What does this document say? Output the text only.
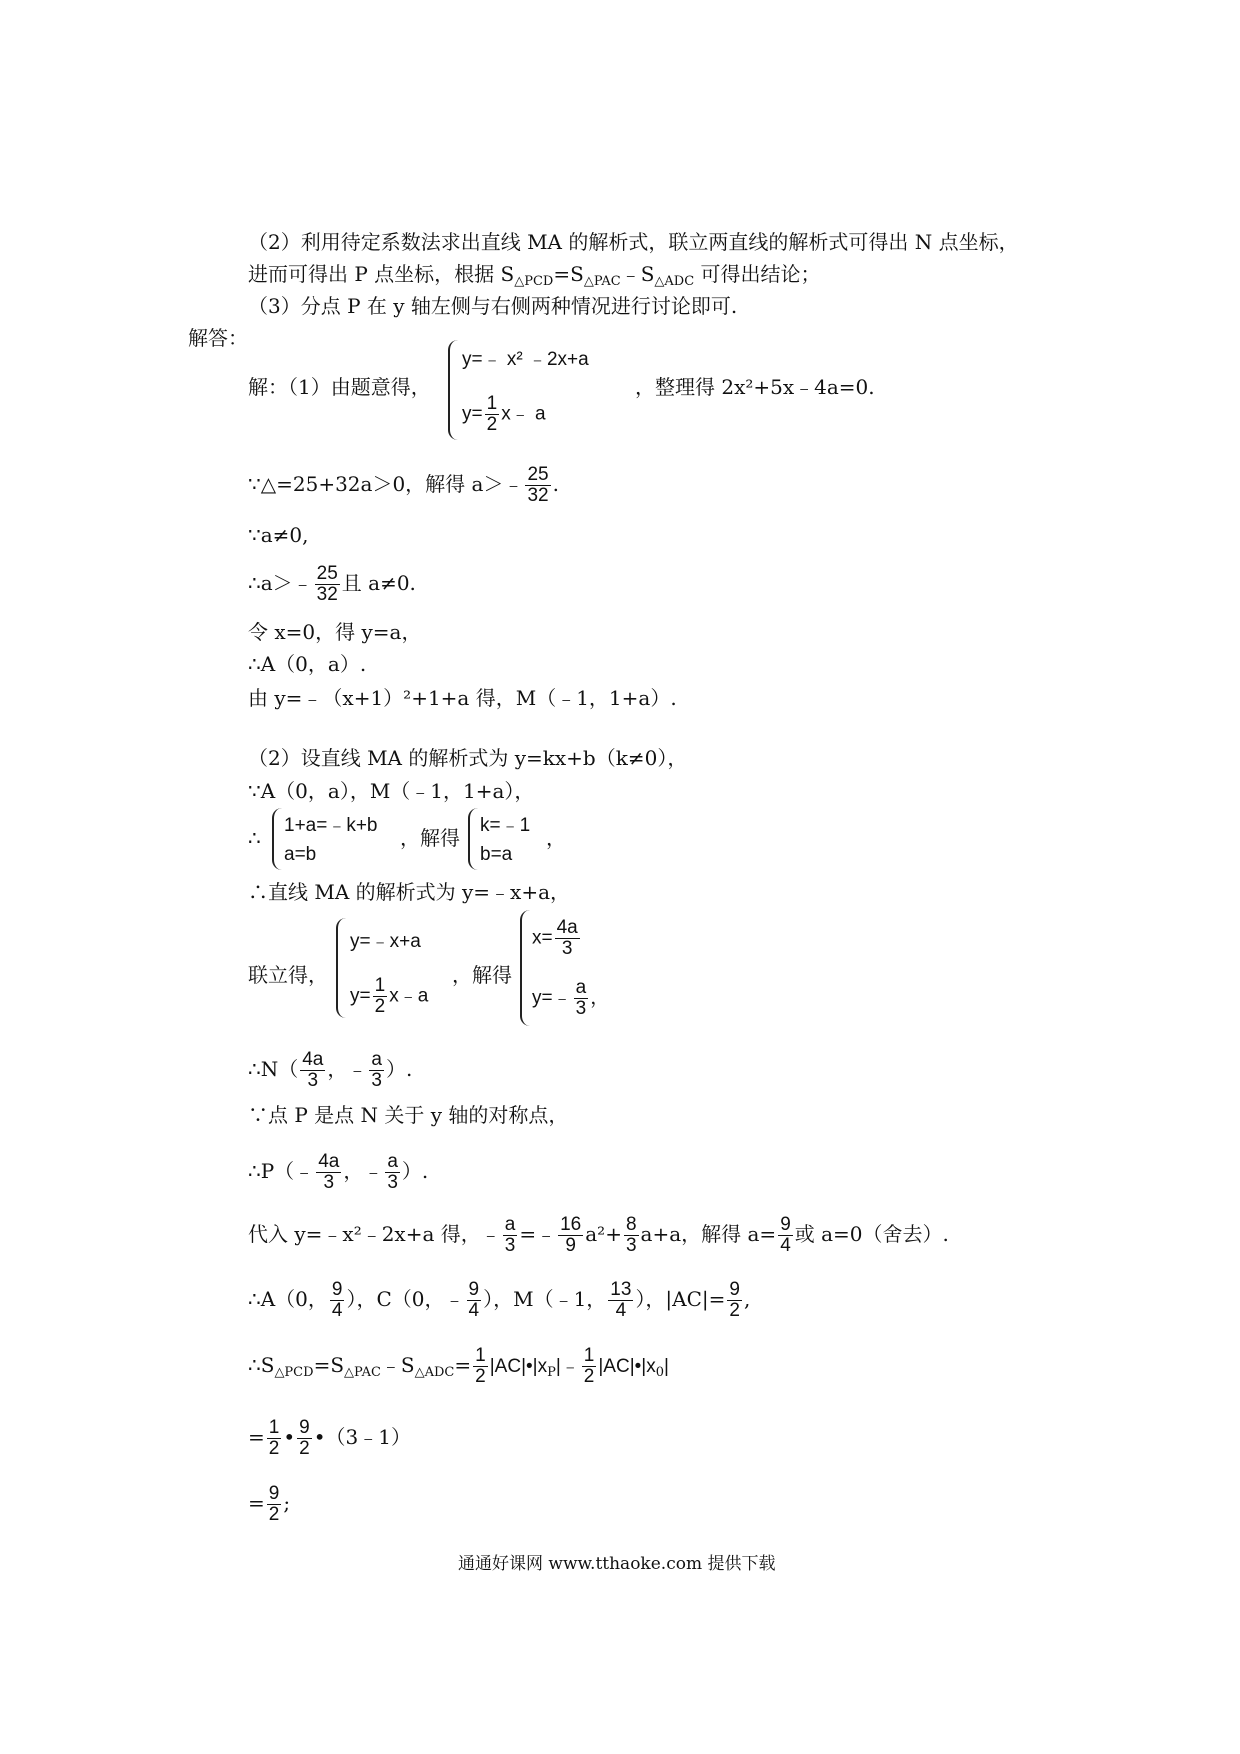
（2）利用待定系数法求出直线 MA 的解析式，联立两直线的解析式可得出 N 点坐标，
进而可得出 P 点坐标，根据 $S_{\triangle PCD}=S_{\triangle PAC}﹣S_{\triangle ADC}$ 可得出结论；
（3）分点 P 在 y 轴左侧与右侧两种情况进行讨论即可.
解答：
解：（1）由题意得，
y=﹣ x² ﹣2x+a
$y= \frac{1}{2}$ x﹣ a
，整理得 2x²+5x﹣4a=0.
∵△=25+32a＞0，解得 a＞﹣ $\frac{25}{32}$ .
∵a≠0,
∴a＞﹣ $\frac{25}{32}$ 且 a≠0.
令 x=0，得 y=a，
∴A（0，a）.
由 y=﹣（x+1）²+1+a 得，M（﹣1，1+a）.
（2）设直线 MA 的解析式为 y=kx+b（k≠0），
∵A（0，a），M（﹣1，1+a），
∴
1+a=﹣k+b
a=b
，解得
k=﹣1
b=a
，
∴直线 MA 的解析式为 y=﹣x+a，
联立得，
y=﹣x+a
$y= \frac{1}{2}$ x﹣a
，解得
$x= \frac{4a}{3}$
y=﹣ $\frac{a}{3}$ ，
∴N（ $\frac{4a}{3}$ ，﹣ $\frac{a}{3}$ ）.
∵点 P 是点 N 关于 y 轴的对称点，
∴P（﹣ $\frac{4a}{3}$ ，﹣ $\frac{a}{3}$ ）.
代入 y=﹣x²﹣2x+a 得，﹣ $\frac{a}{3}$ =﹣ $\frac{16}{9} a^2+ \frac{8}{3} a+a$，解得 $a= \frac{9}{4}$ 或 a=0（舍去）.
∴A（0， $\frac{9}{4}$ ），C（0，﹣ $\frac{9}{4}$ ），M（﹣1， $\frac{13}{4}$ ），$|AC|= \frac{9}{2}$ ,
$\therefore S_{\triangle PCD}=S_{\triangle PAC}﹣S_{\triangle ADC}= \frac{1}{2}$ $|AC|•|x_P|﹣ \frac{1}{2}$ $|AC|•|x_0|$
= $\frac{1}{2}$ • $\frac{9}{2}$ •（3﹣1）
= $\frac{9}{2}$ ;
通通好课网 www.tthaoke.com 提供下载
